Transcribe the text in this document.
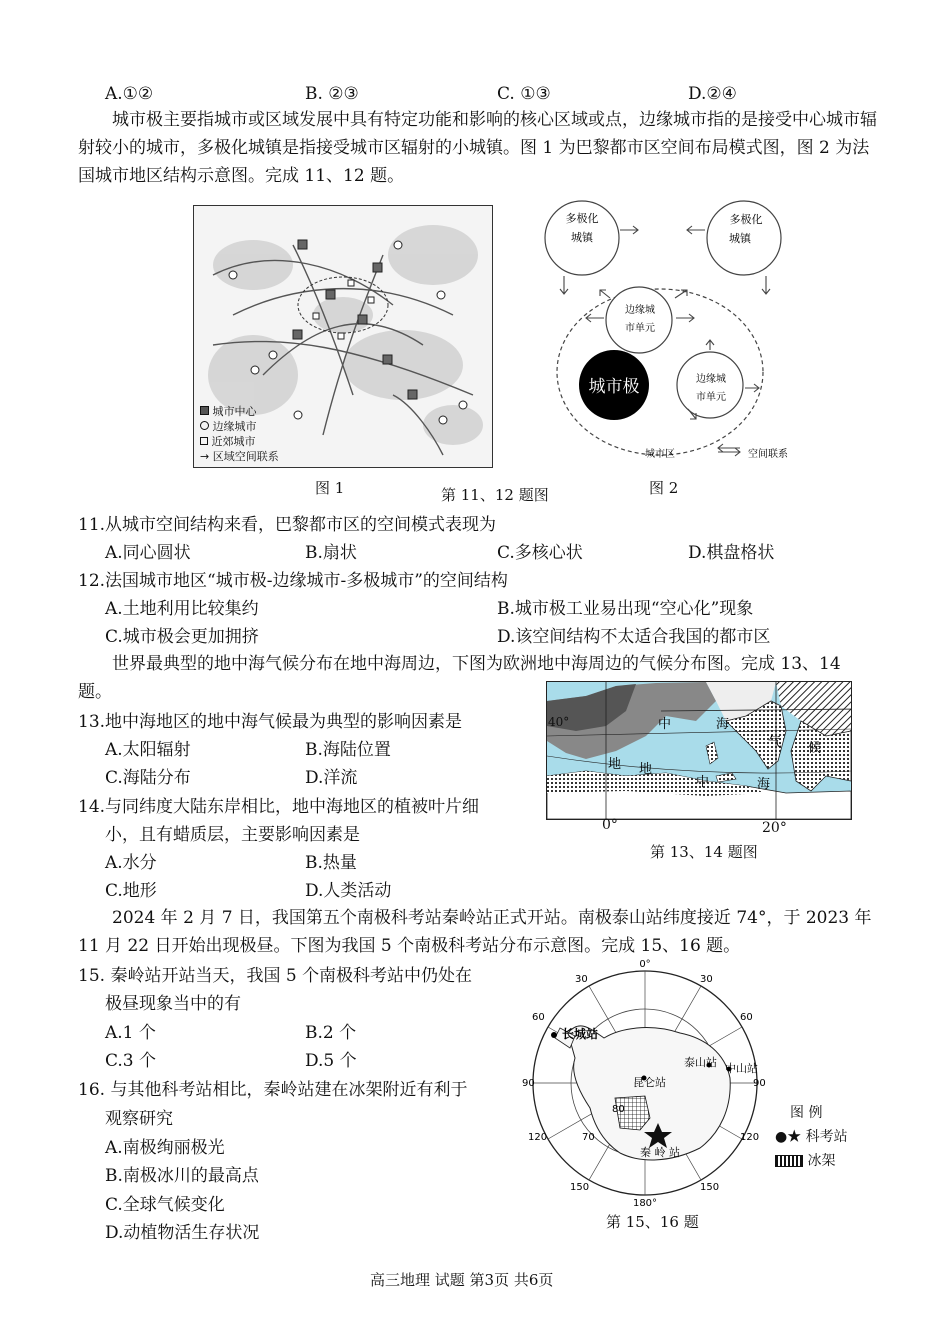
A.①②	B. ②③	C. ①③	D.②④
城市极主要指城市或区域发展中具有特定功能和影响的核心区域或点，边缘城市指的是接受中心城市辐射较小的城市，多极化城镇是指接受城市区辐射的小城镇。图 1 为巴黎都市区空间布局模式图，图 2 为法国城市地区结构示意图。完成 11、12 题。
城市中心
边缘城市
近郊城市
→ 区域空间联系
多极化
城镇
多极化
城镇
边缘城
市单元
边缘城
市单元
城市极
城市区	空间联系
图 1	第 11、12 题图	图 2
11.从城市空间结构来看，巴黎都市区的空间模式表现为
A.同心圆状	B.扇状	C.多核心状	D.棋盘格状
12.法国城市地区“城市极-边缘城市-多极城市”的空间结构
A.土地利用比较集约	B.城市极工业易出现“空心化”现象
C.城市极会更加拥挤	D.该空间结构不太适合我国的都市区
世界最典型的地中海气候分布在地中海周边，下图为欧洲地中海周边的气候分布图。完成 13、14 题。
中	海
气 候
地 地
中	海
40°
0°	20°
第 13、14 题图
13.地中海地区的地中海气候最为典型的影响因素是
A.太阳辐射	B.海陆位置
C.海陆分布	D.洋流
14.与同纬度大陆东岸相比，地中海地区的植被叶片细
小，且有蜡质层，主要影响因素是
A.水分	B.热量
C.地形	D.人类活动
2024 年 2 月 7 日，我国第五个南极科考站秦岭站正式开站。南极泰山站纬度接近 74°，于 2023 年 11 月 22 日开始出现极昼。下图为我国 5 个南极科考站分布示意图。完成 15、16 题。
15. 秦岭站开站当天，我国 5 个南极科考站中仍处在
极昼现象当中的有
A.1 个	B.2 个
C.3 个	D.5 个
16. 与其他科考站相比，秦岭站建在冰架附近有利于
观察研究
A.南极绚丽极光
B.南极冰川的最高点
C.全球气候变化
D.动植物活生存状况
长城站
泰山站 中山站
昆仑站
秦 岭 站
80
70
30
60
90
120
150
30
60
90
120
150
0°
180°
第 15、16 题
图 例
●★ 科考站
冰架
高三地理 试题 第3页 共6页
